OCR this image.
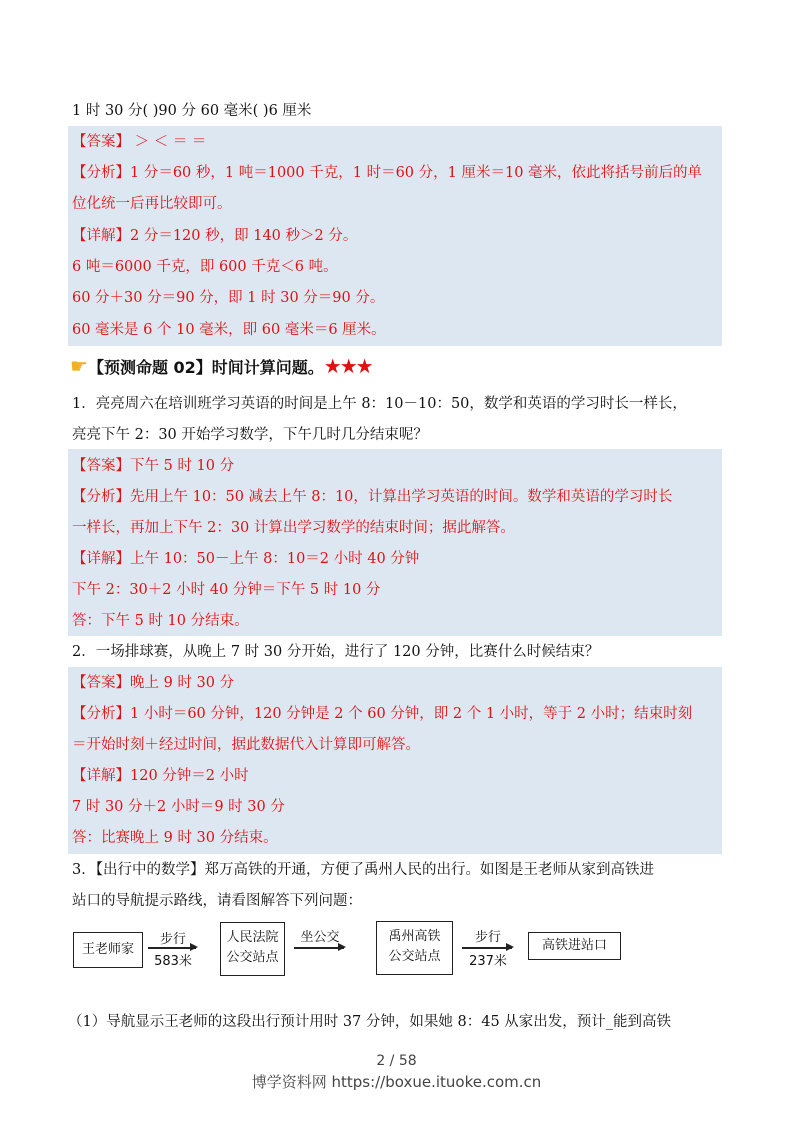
1 时 30 分( )90 分 60 毫米( )6 厘米
【答案】 ＞ ＜ ＝ ＝
【分析】1 分＝60 秒，1 吨＝1000 千克，1 时＝60 分，1 厘米＝10 毫米，依此将括号前后的单
位化统一后再比较即可。
【详解】2 分＝120 秒，即 140 秒＞2 分。
6 吨＝6000 千克，即 600 千克＜6 吨。
60 分＋30 分＝90 分，即 1 时 30 分＝90 分。
60 毫米是 6 个 10 毫米，即 60 毫米＝6 厘米。
☛【预测命题 02】时间计算问题。★★★
1．亮亮周六在培训班学习英语的时间是上午 8：10－10：50，数学和英语的学习时长一样长，
亮亮下午 2：30 开始学习数学，下午几时几分结束呢？
【答案】下午 5 时 10 分
【分析】先用上午 10：50 减去上午 8：10，计算出学习英语的时间。数学和英语的学习时长
一样长，再加上下午 2：30 计算出学习数学的结束时间；据此解答。
【详解】上午 10：50－上午 8：10＝2 小时 40 分钟
下午 2：30＋2 小时 40 分钟＝下午 5 时 10 分
答：下午 5 时 10 分结束。
2．一场排球赛，从晚上 7 时 30 分开始，进行了 120 分钟，比赛什么时候结束？
【答案】晚上 9 时 30 分
【分析】1 小时＝60 分钟，120 分钟是 2 个 60 分钟，即 2 个 1 小时，等于 2 小时；结束时刻
＝开始时刻＋经过时间，据此数据代入计算即可解答。
【详解】120 分钟＝2 小时
7 时 30 分＋2 小时＝9 时 30 分
答：比赛晚上 9 时 30 分结束。
3．【出行中的数学】郑万高铁的开通，方便了禹州人民的出行。如图是王老师从家到高铁进
站口的导航提示路线，请看图解答下列问题：
王老师家
步行
583米
人民法院
公交站点
坐公交	禹州高铁
公交站点
步行
237米
高铁进站口
（1）导航显示王老师的这段出行预计用时 37 分钟，如果她 8：45 从家出发，预计_能到高铁
2 / 58
博学资料网 https://boxue.ituoke.com.cn
